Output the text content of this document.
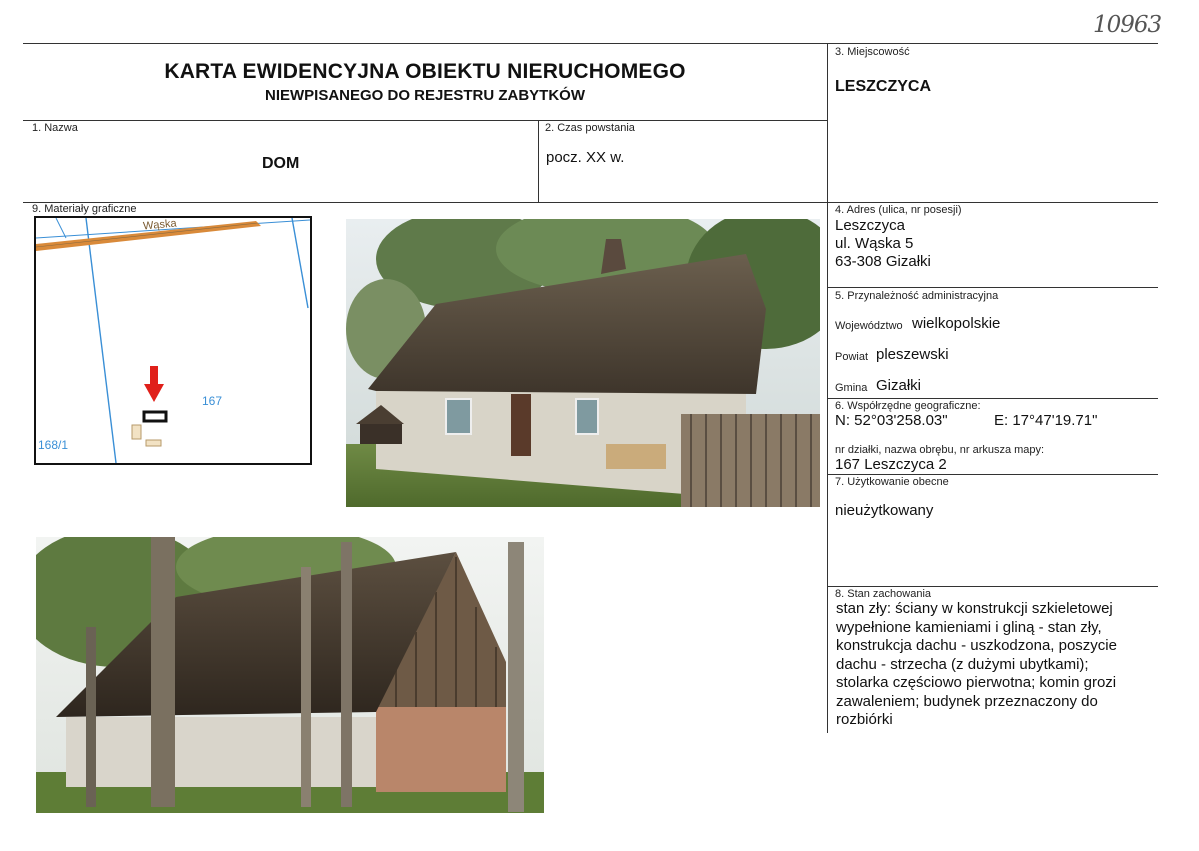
10963
KARTA EWIDENCYJNA OBIEKTU NIERUCHOMEGO
NIEWPISANEGO DO REJESTRU ZABYTKÓW
1. Nazwa
DOM
2. Czas powstania
pocz. XX w.
3. Miejscowość
LESZCZYCA
4. Adres (ulica, nr posesji)
Leszczyca
ul. Wąska 5
63-308 Gizałki
5. Przynależność administracyjna
Województwo wielkopolskie
Powiat pleszewski
Gmina Gizałki
6. Współrzędne geograficzne:
N: 52°03'258.03"	E: 17°47'19.71"
nr działki, nazwa obrębu, nr arkusza mapy:
167 Leszczyca 2
7. Użytkowanie obecne
nieużytkowany
8. Stan zachowania
stan zły: ściany w konstrukcji szkieletowej
wypełnione kamieniami i gliną - stan zły,
konstrukcja dachu - uszkodzona, poszycie
dachu - strzecha (z dużymi ubytkami);
stolarka częściowo pierwotna; komin grozi
zawaleniem; budynek przeznaczony do
rozbiórki
9. Materiały graficzne
Wąska
167
168/1
